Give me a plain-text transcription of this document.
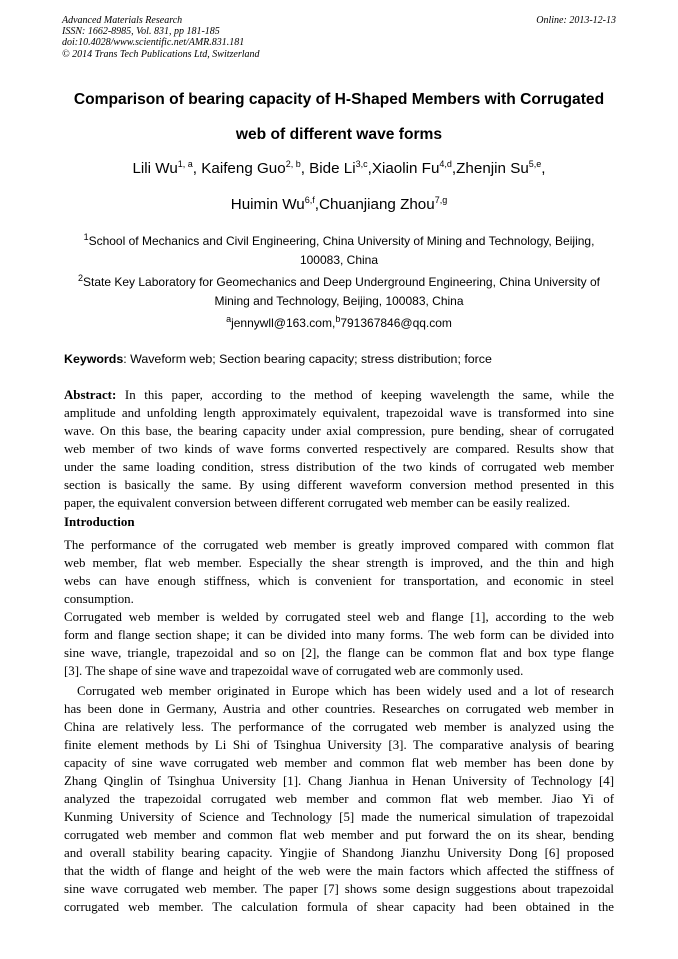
Advanced Materials Research
ISSN: 1662-8985, Vol. 831, pp 181-185
doi:10.4028/www.scientific.net/AMR.831.181
© 2014 Trans Tech Publications Ltd, Switzerland
Online: 2013-12-13
Comparison of bearing capacity of H-Shaped Members with Corrugated
web of different wave forms
Lili Wu$^{1, a}$, Kaifeng Guo$^{2, b}$, Bide Li$^{3,c}$,Xiaolin Fu$^{4,d}$,Zhenjin Su$^{5,e}$,
Huimin Wu$^{6,f}$,Chuanjiang Zhou$^{7,g}$
$^1$School of Mechanics and Civil Engineering, China University of Mining and Technology, Beijing,
100083, China
$^2$State Key Laboratory for Geomechanics and Deep Underground Engineering, China University of
Mining and Technology, Beijing, 100083, China
$^a$jennywll@163.com,$^b$791367846@qq.com
Keywords: Waveform web; Section bearing capacity; stress distribution; force
Abstract: In this paper, according to the method of keeping wavelength the same, while the
amplitude and unfolding length approximately equivalent, trapezoidal wave is transformed into sine
wave. On this base, the bearing capacity under axial compression, pure bending, shear of corrugated
web member of two kinds of wave forms converted respectively are compared. Results show that
under the same loading condition, stress distribution of the two kinds of corrugated web member
section is basically the same. By using different waveform conversion method presented in this
paper, the equivalent conversion between different corrugated web member can be easily realized.
Introduction
The performance of the corrugated web member is greatly improved compared with common flat
web member, flat web member. Especially the shear strength is improved, and the thin and high
webs can have enough stiffness, which is convenient for transportation, and economic in steel
consumption.
Corrugated web member is welded by corrugated steel web and flange [1], according to the web
form and flange section shape; it can be divided into many forms. The web form can be divided into
sine wave, triangle, trapezoidal and so on [2], the flange can be common flat and box type flange
[3]. The shape of sine wave and trapezoidal wave of corrugated web are commonly used.
Corrugated web member originated in Europe which has been widely used and a lot of research
has been done in Germany, Austria and other countries. Researches on corrugated web member in
China are relatively less. The performance of the corrugated web member is analyzed using the
finite element methods by Li Shi of Tsinghua University [3]. The comparative analysis of bearing
capacity of sine wave corrugated web member and common flat web member has been done by
Zhang Qinglin of Tsinghua University [1]. Chang Jianhua in Henan University of Technology [4]
analyzed the trapezoidal corrugated web member and common flat web member. Jiao Yi of
Kunming University of Science and Technology [5] made the numerical simulation of trapezoidal
corrugated web member and common flat web member and put forward the on its shear, bending
and overall stability bearing capacity. Yingjie of Shandong Jianzhu University Dong [6] proposed
that the width of flange and height of the web were the main factors which affected the stiffness of
sine wave corrugated web member. The paper [7] shows some design suggestions about trapezoidal
corrugated web member. The calculation formula of shear capacity had been obtained in the
